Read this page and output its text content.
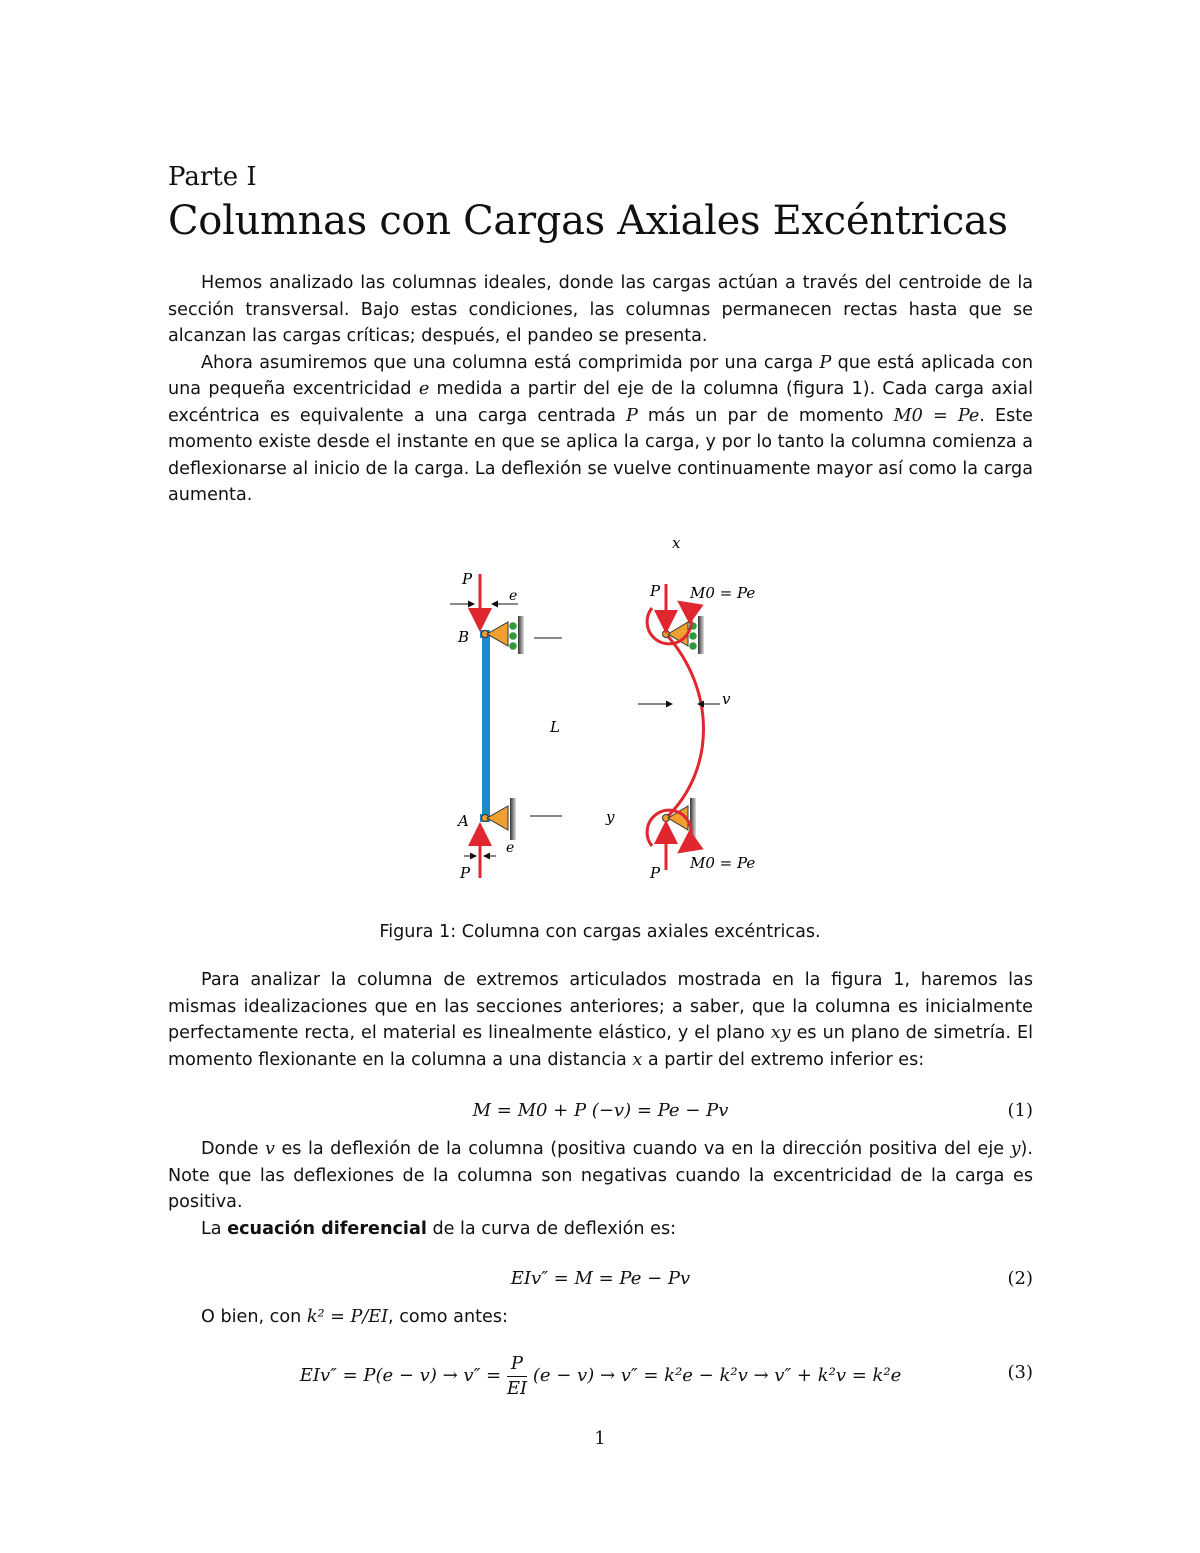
Parte I
Columnas con Cargas Axiales Excéntricas

Hemos analizado las columnas ideales, donde las cargas actúan a través del centroide de la sección transversal. Bajo estas condiciones, las columnas permanecen rectas hasta que se alcanzan las cargas críticas; después, el pandeo se presenta.

Ahora asumiremos que una columna está comprimida por una carga P que está aplicada con una pequeña excentricidad e medida a partir del eje de la columna (figura 1). Cada carga axial excéntrica es equivalente a una carga centrada P más un par de momento M0 = Pe. Este momento existe desde el instante en que se aplica la carga, y por lo tanto la columna comienza a deflexionarse al inicio de la carga. La deflexión se vuelve continuamente mayor así como la carga aumenta.

P
e
B
A
L
e
P
x
y
P M0 = Pe
P
M0 = Pe
v
Figura 1: Columna con cargas axiales excéntricas.

Para analizar la columna de extremos articulados mostrada en la figura 1, haremos las mismas idealizaciones que en las secciones anteriores; a saber, que la columna es inicialmente perfectamente recta, el material es linealmente elástico, y el plano xy es un plano de simetría. El momento flexionante en la columna a una distancia x a partir del extremo inferior es:

M = M0 + P (−v) = Pe − Pv	(1)

Donde v es la deflexión de la columna (positiva cuando va en la dirección positiva del eje y). Note que las deflexiones de la columna son negativas cuando la excentricidad de la carga es positiva.

La ecuación diferencial de la curva de deflexión es:

EIv″ = M = Pe − Pv	(2)

O bien, con k² = P/EI, como antes:

$EIv'' = P(e - v) \to v'' = \frac{P}{EI} (e - v) \to v'' = k^2e - k^2v \to v'' + k^2v = k^2e$	(3)
1
